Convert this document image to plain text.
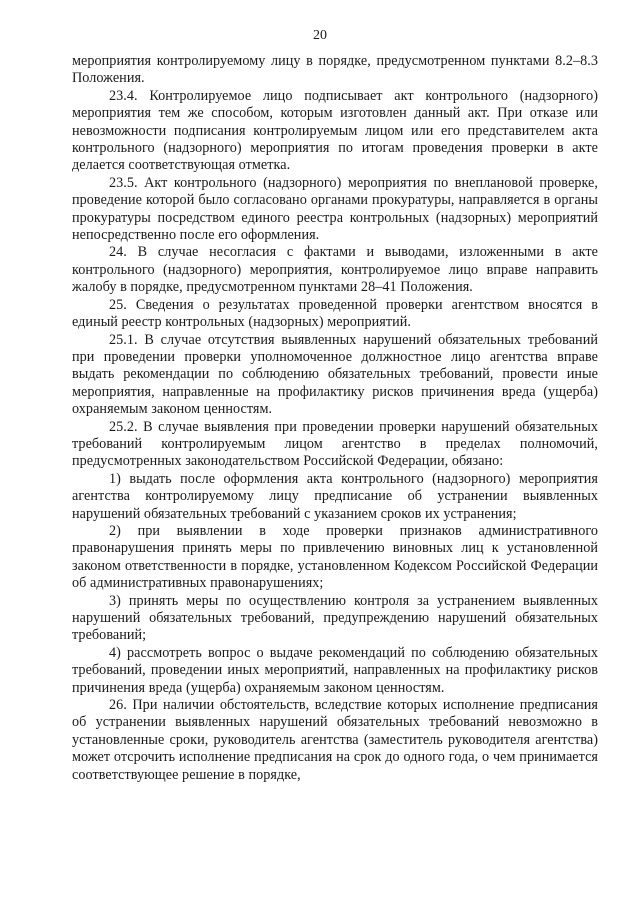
20

мероприятия контролируемому лицу в порядке, предусмотренном пунктами 8.2–8.3 Положения.

23.4. Контролируемое лицо подписывает акт контрольного (надзорного) мероприятия тем же способом, которым изготовлен данный акт. При отказе или невозможности подписания контролируемым лицом или его представителем акта контрольного (надзорного) мероприятия по итогам проведения проверки в акте делается соответствующая отметка.

23.5. Акт контрольного (надзорного) мероприятия по внеплановой проверке, проведение которой было согласовано органами прокуратуры, направляется в органы прокуратуры посредством единого реестра контрольных (надзорных) мероприятий непосредственно после его оформления.

24. В случае несогласия с фактами и выводами, изложенными в акте контрольного (надзорного) мероприятия, контролируемое лицо вправе направить жалобу в порядке, предусмотренном пунктами 28–41 Положения.

25. Сведения о результатах проведенной проверки агентством вносятся в единый реестр контрольных (надзорных) мероприятий.

25.1. В случае отсутствия выявленных нарушений обязательных требований при проведении проверки уполномоченное должностное лицо агентства вправе выдать рекомендации по соблюдению обязательных требований, провести иные мероприятия, направленные на профилактику рисков причинения вреда (ущерба) охраняемым законом ценностям.

25.2. В случае выявления при проведении проверки нарушений обязательных требований контролируемым лицом агентство в пределах полномочий, предусмотренных законодательством Российской Федерации, обязано:

1) выдать после оформления акта контрольного (надзорного) мероприятия агентства контролируемому лицу предписание об устранении выявленных нарушений обязательных требований с указанием сроков их устранения;

2) при выявлении в ходе проверки признаков административного правонарушения принять меры по привлечению виновных лиц к установленной законом ответственности в порядке, установленном Кодексом Российской Федерации об административных правонарушениях;

3) принять меры по осуществлению контроля за устранением выявленных нарушений обязательных требований, предупреждению нарушений обязательных требований;

4) рассмотреть вопрос о выдаче рекомендаций по соблюдению обязательных требований, проведении иных мероприятий, направленных на профилактику рисков причинения вреда (ущерба) охраняемым законом ценностям.

26. При наличии обстоятельств, вследствие которых исполнение предписания об устранении выявленных нарушений обязательных требований невозможно в установленные сроки, руководитель агентства (заместитель руководителя агентства) может отсрочить исполнение предписания на срок до одного года, о чем принимается соответствующее решение в порядке,
